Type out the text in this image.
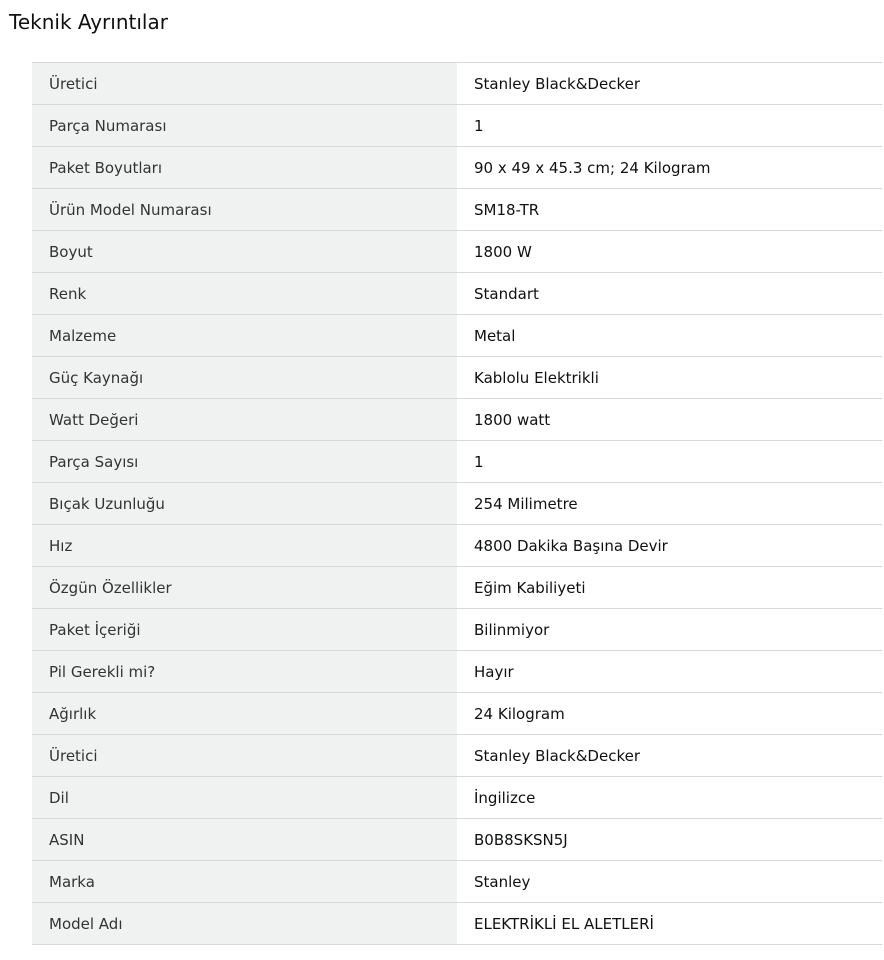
Teknik Ayrıntılar
Üretici	Stanley Black&Decker
Parça Numarası	1
Paket Boyutları	90 x 49 x 45.3 cm; 24 Kilogram
Ürün Model Numarası	SM18-TR
Boyut	1800 W
Renk	Standart
Malzeme	Metal
Güç Kaynağı	Kablolu Elektrikli
Watt Değeri	1800 watt
Parça Sayısı	1
Bıçak Uzunluğu	254 Milimetre
Hız	4800 Dakika Başına Devir
Özgün Özellikler	Eğim Kabiliyeti
Paket İçeriği	Bilinmiyor
Pil Gerekli mi?	Hayır
Ağırlık	24 Kilogram
Üretici	Stanley Black&Decker
Dil	İngilizce
ASIN	B0B8SKSN5J
Marka	Stanley
Model Adı	ELEKTRİKLİ EL ALETLERİ
